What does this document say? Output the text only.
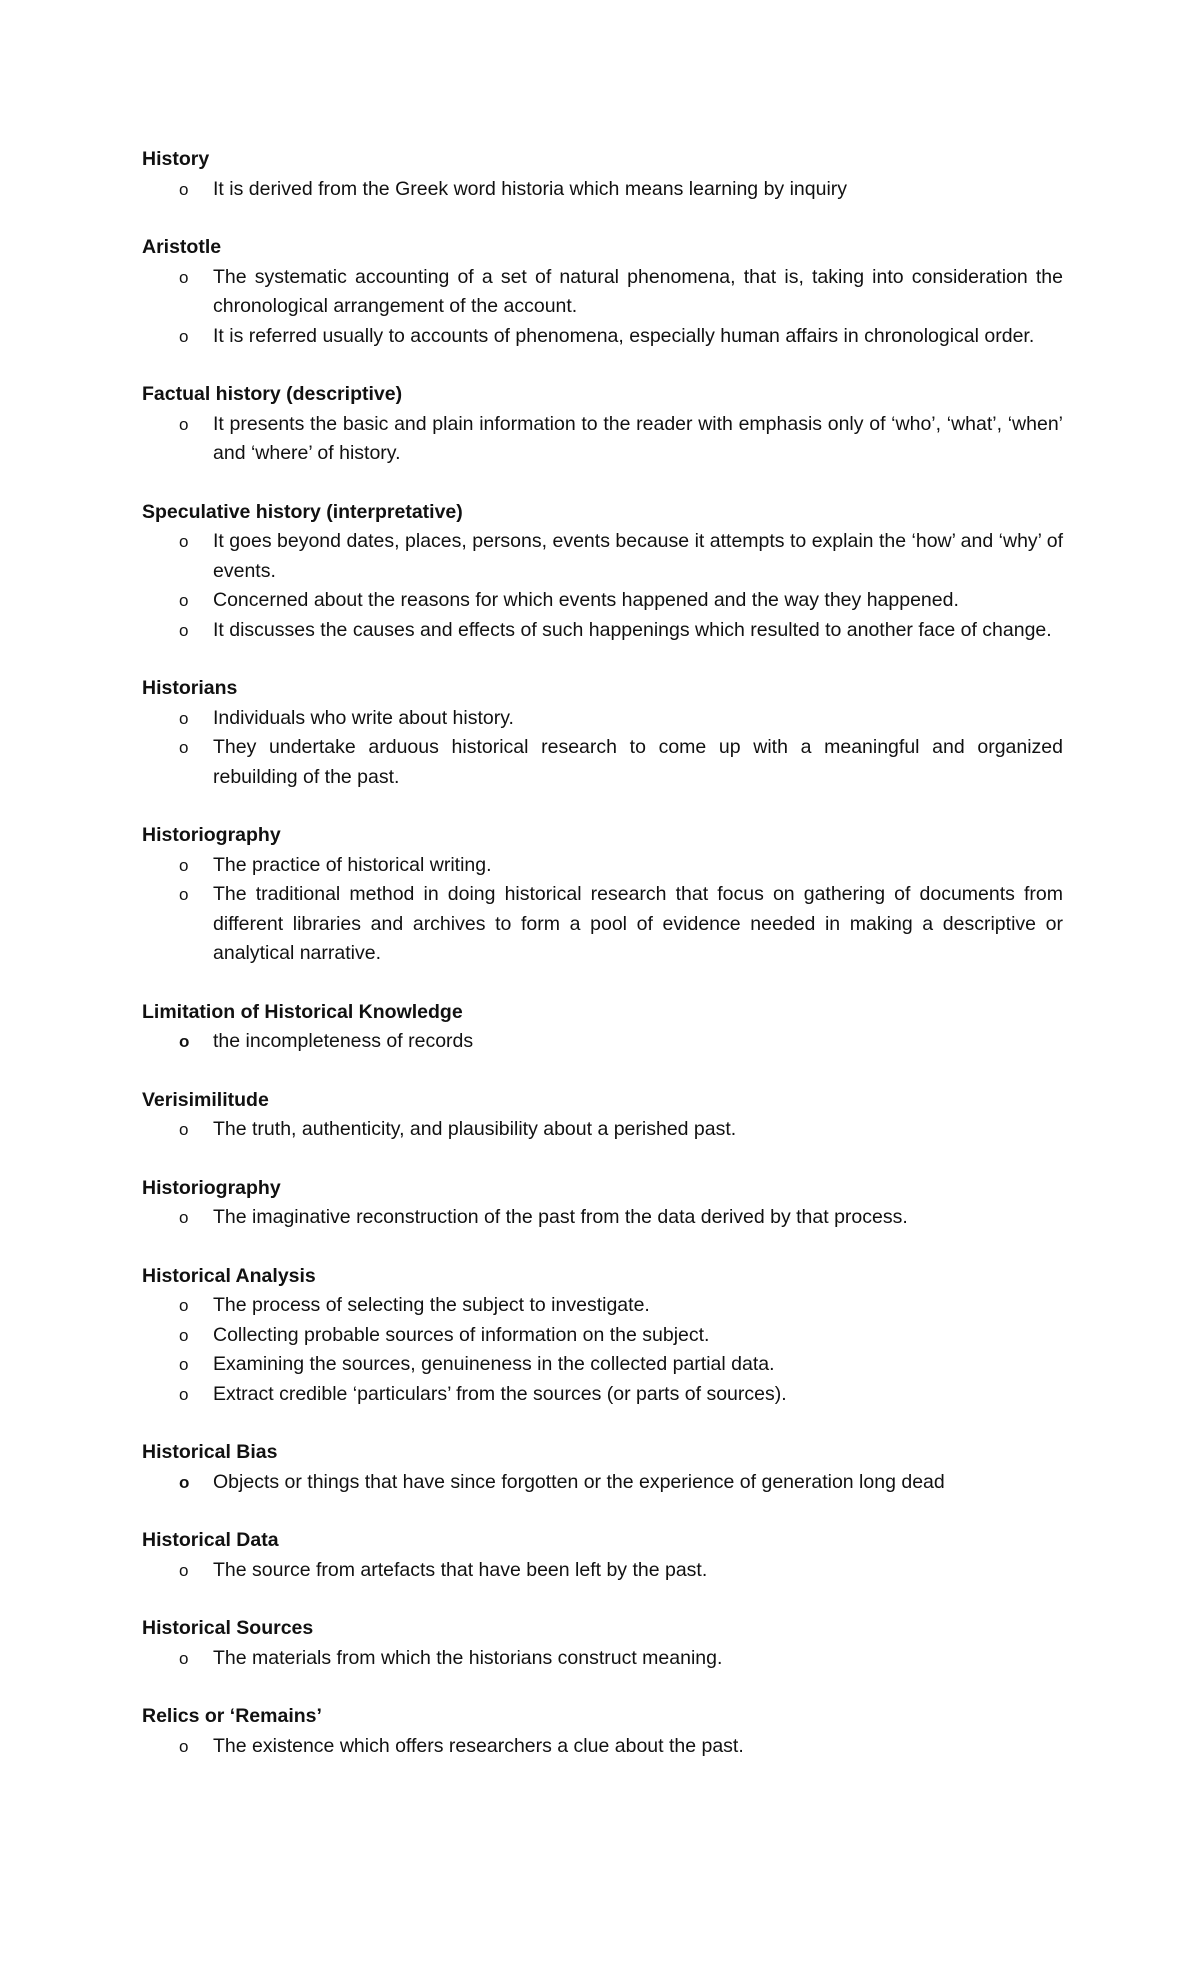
History
o It is derived from the Greek word historia which means learning by inquiry
Aristotle
o The systematic accounting of a set of natural phenomena, that is, taking into consideration the chronological arrangement of the account.
o It is referred usually to accounts of phenomena, especially human affairs in chronological order.
Factual history (descriptive)
o It presents the basic and plain information to the reader with emphasis only of ‘who’, ‘what’, ‘when’ and ‘where’ of history.
Speculative history (interpretative)
o It goes beyond dates, places, persons, events because it attempts to explain the ‘how’ and ‘why’ of events.
o Concerned about the reasons for which events happened and the way they happened.
o It discusses the causes and effects of such happenings which resulted to another face of change.
Historians
o Individuals who write about history.
o They undertake arduous historical research to come up with a meaningful and organized rebuilding of the past.
Historiography
o The practice of historical writing.
o The traditional method in doing historical research that focus on gathering of documents from different libraries and archives to form a pool of evidence needed in making a descriptive or analytical narrative.
Limitation of Historical Knowledge
o the incompleteness of records
Verisimilitude
o The truth, authenticity, and plausibility about a perished past.
Historiography
o The imaginative reconstruction of the past from the data derived by that process.
Historical Analysis
o The process of selecting the subject to investigate.
o Collecting probable sources of information on the subject.
o Examining the sources, genuineness in the collected partial data.
o Extract credible ‘particulars’ from the sources (or parts of sources).
Historical Bias
o Objects or things that have since forgotten or the experience of generation long dead
Historical Data
o The source from artefacts that have been left by the past.
Historical Sources
o The materials from which the historians construct meaning.
Relics or ‘Remains’
o The existence which offers researchers a clue about the past.
